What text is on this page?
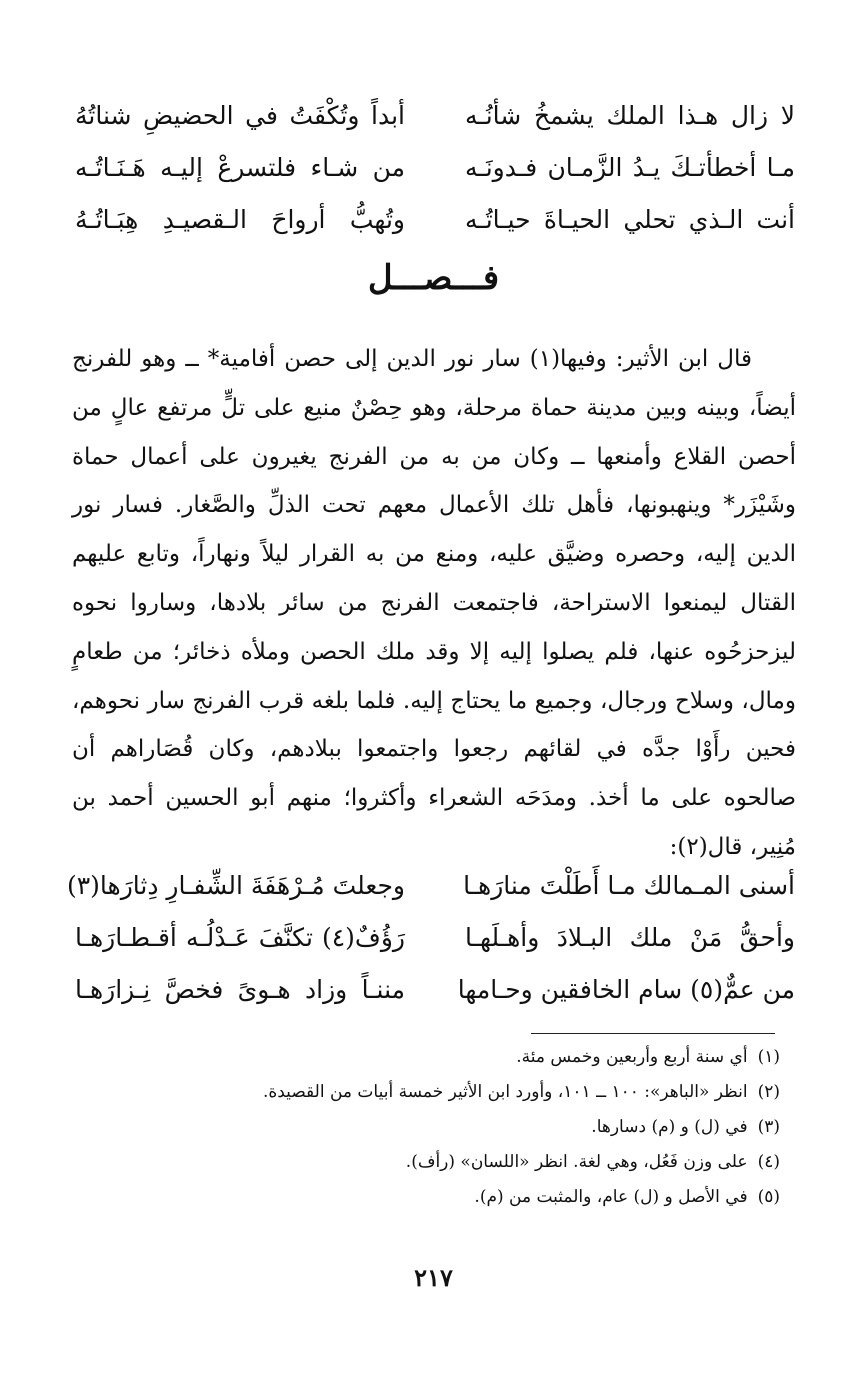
لا زال هـذا الملك يشمخُ شأنُـه
أبداً وتُكْفَتُ في الحضيضِ شناتُهُ
مـا أخطأتـكَ يـدُ الزَّمـان فـدونَـه
من شـاء فلتسرعْ إليـه هَـنَـاتُـه
أنت الـذي تحلي الحيـاةَ حيـاتُـه
وتُهبُّ أرواحَ الـقصيـدِ هِبَـاتُـهُ
فـــصـــل

قال ابن الأثير: وفيها(١) سار نور الدين إلى حصن أفامية* ــ وهو للفرنج أيضاً، وبينه وبين مدينة حماة مرحلة، وهو حِصْنٌ منيع على تلٍّ مرتفع عالٍ من أحصن القلاع وأمنعها ــ وكان من به من الفرنج يغيرون على أعمال حماة وشَيْزَر* وينهبونها، فأهل تلك الأعمال معهم تحت الذلِّ والصَّغار. فسار نور الدين إليه، وحصره وضيَّق عليه، ومنع من به القرار ليلاً ونهاراً، وتابع عليهم القتال ليمنعوا الاستراحة، فاجتمعت الفرنج من سائر بلادها، وساروا نحوه ليزحزحُوه عنها، فلم يصلوا إليه إلا وقد ملك الحصن وملأه ذخائر؛ من طعامٍ ومال، وسلاح ورجال، وجميع ما يحتاج إليه. فلما بلغه قرب الفرنج سار نحوهم، فحين رأَوْا جدَّه في لقائهم رجعوا واجتمعوا ببلادهم، وكان قُصَاراهم أن صالحوه على ما أخذ. ومدَحَه الشعراء وأكثروا؛ منهم أبو الحسين أحمد بن مُنِير، قال(٢):

أسنى المـمالك مـا أَطَلْتَ منارَهـا
وجعلتَ مُـرْهَفَةَ الشِّفـارِ دِثارَها(٣)
وأحقُّ مَنْ ملك البـلادَ وأهـلَهـا
رَؤُفٌ(٤) تكنَّفَ عَـدْلُـه أقـطـارَهـا
من عمٌّ(٥) سام الخافقين وحـامها
مننـاً وزاد هـوىً فخصَّ نِـزارَهـا
(١)أي سنة أربع وأربعين وخمس مئة.
(٢)انظر «الباهر»: ١٠٠ ــ ١٠١، وأورد ابن الأثير خمسة أبيات من القصيدة.
(٣)في (ل) و (م) دسارها.
(٤)على وزن فَعُل، وهي لغة. انظر «اللسان» (رأف).
(٥)في الأصل و (ل) عام، والمثبت من (م).
٢١٧
